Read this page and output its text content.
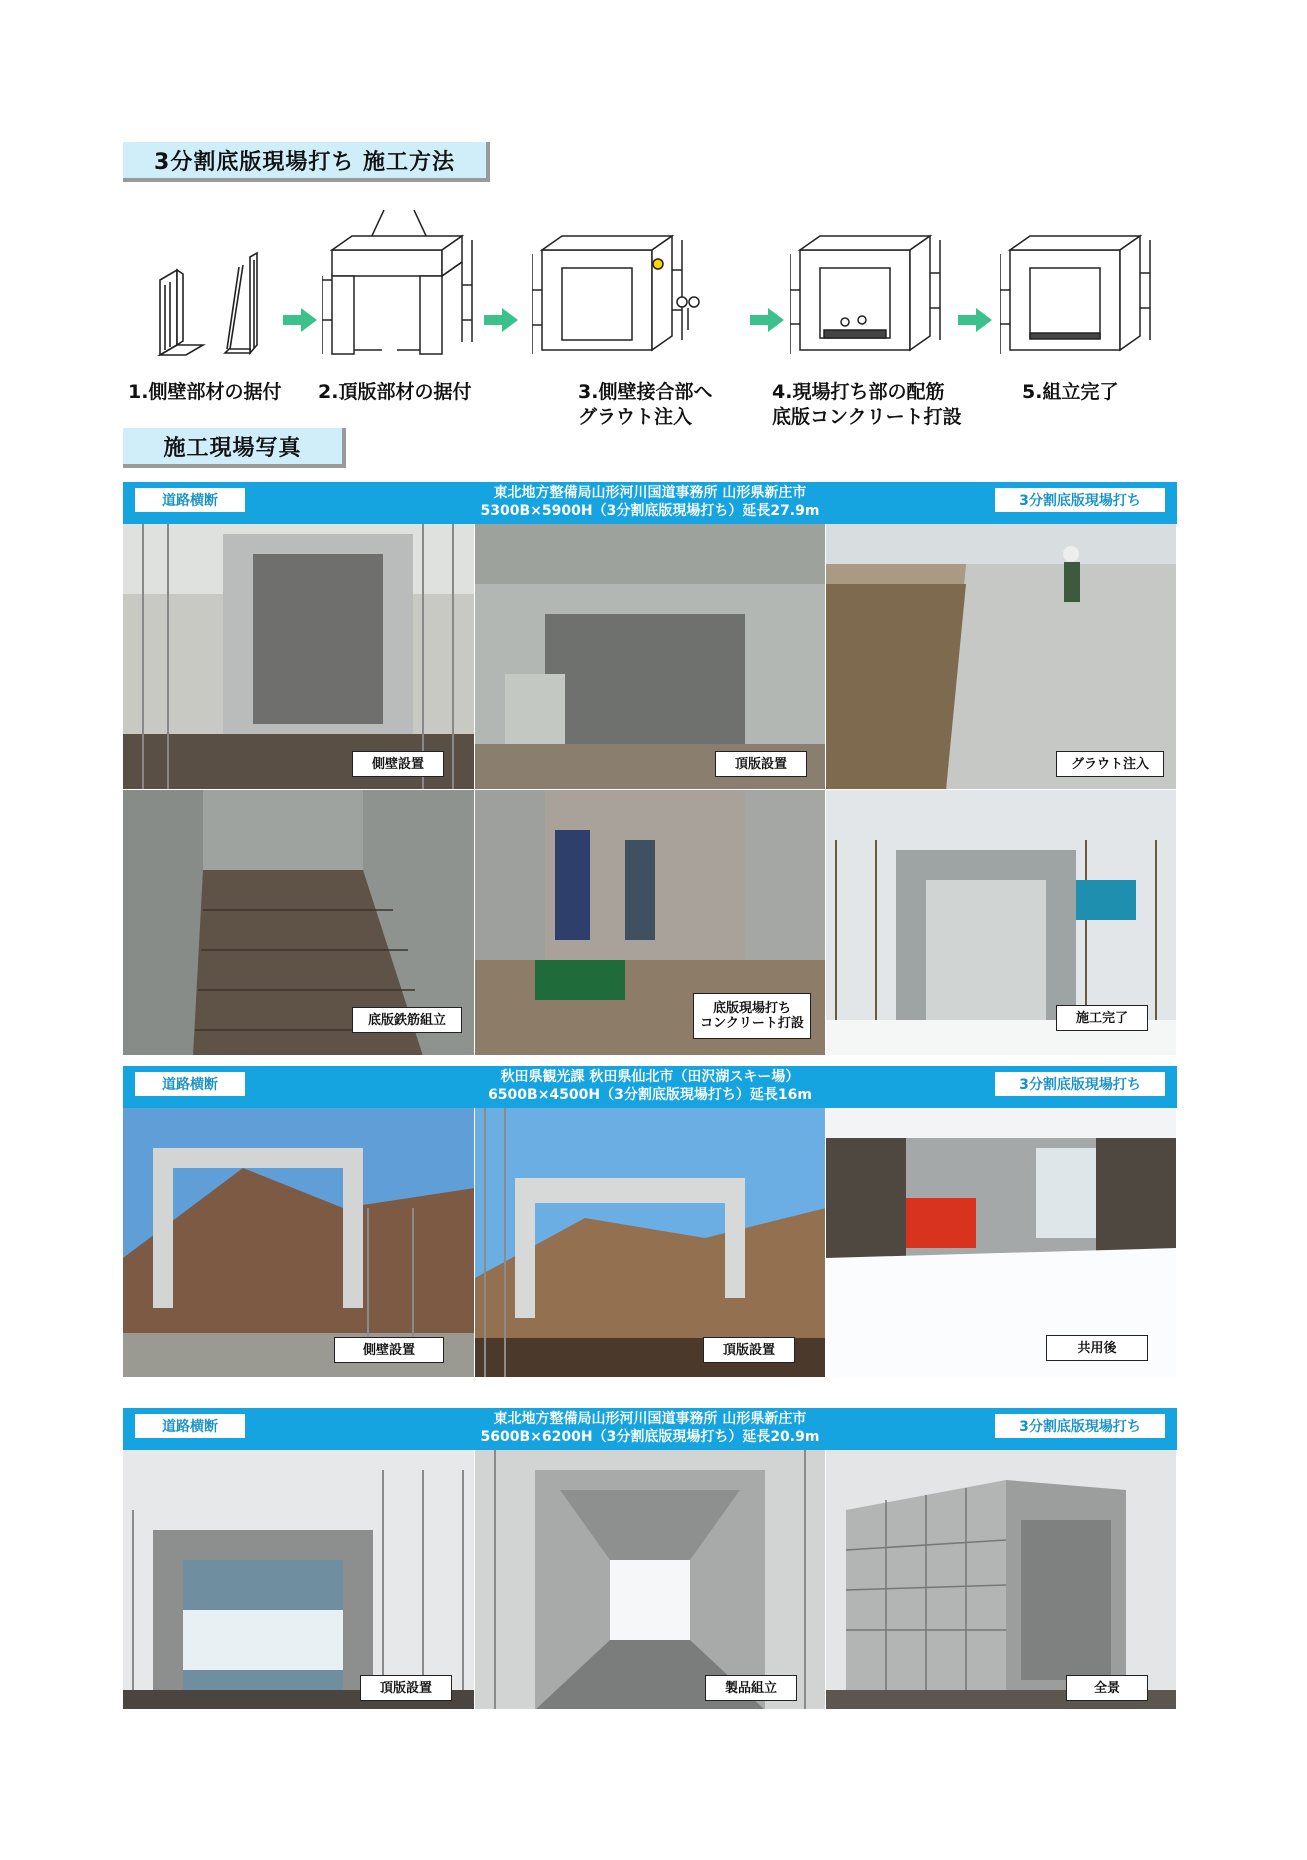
3分割底版現場打ち 施工方法
施工現場写真
1.側壁部材の据付 2.頂版部材の据付	3.側壁接合部へ
グラウト注入
4.現場打ち部の配筋
底版コンクリート打設
5.組立完了
道路横断	東北地方整備局山形河川国道事務所 山形県新庄市
5300B×5900H（3分割底版現場打ち）延長27.9m
3分割底版現場打ち
側壁設置	頂版設置	グラウト注入
底版鉄筋組立
底版現場打ち
コンクリート打設	施工完了
道路横断	秋田県観光課 秋田県仙北市（田沢湖スキー場）
6500B×4500H（3分割底版現場打ち）延長16m
3分割底版現場打ち
側壁設置	頂版設置	共用後
道路横断	東北地方整備局山形河川国道事務所 山形県新庄市
5600B×6200H（3分割底版現場打ち）延長20.9m
3分割底版現場打ち
頂版設置	製品組立	全景
